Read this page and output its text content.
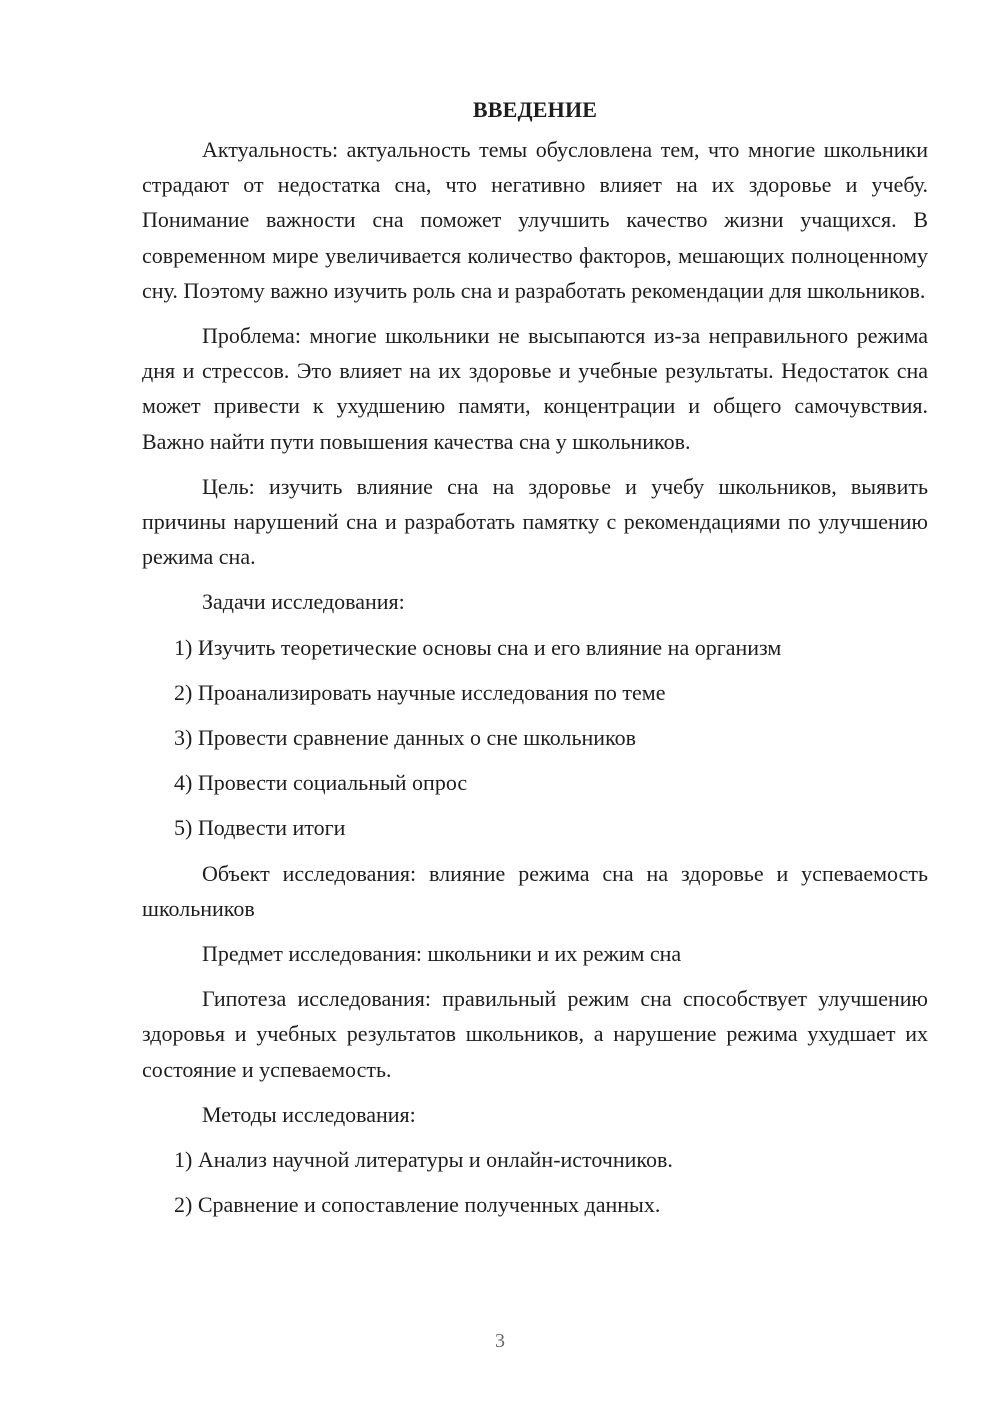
ВВЕДЕНИЕ

Актуальность: актуальность темы обусловлена тем, что многие школьники страдают от недостатка сна, что негативно влияет на их здоровье и учебу. Понимание важности сна поможет улучшить качество жизни учащихся. В современном мире увеличивается количество факторов, мешающих полноценному сну. Поэтому важно изучить роль сна и разработать рекомендации для школьников.

Проблема: многие школьники не высыпаются из-за неправильного режима дня и стрессов. Это влияет на их здоровье и учебные результаты. Недостаток сна может привести к ухудшению памяти, концентрации и общего самочувствия. Важно найти пути повышения качества сна у школьников.

Цель: изучить влияние сна на здоровье и учебу школьников, выявить причины нарушений сна и разработать памятку с рекомендациями по улучшению режима сна.

Задачи исследования:
1) Изучить теоретические основы сна и его влияние на организм
2) Проанализировать научные исследования по теме
3) Провести сравнение данных о сне школьников
4) Провести социальный опрос
5) Подвести итоги

Объект исследования: влияние режима сна на здоровье и успеваемость школьников

Предмет исследования: школьники и их режим сна

Гипотеза исследования: правильный режим сна способствует улучшению здоровья и учебных результатов школьников, а нарушение режима ухудшает их состояние и успеваемость.

Методы исследования:
1) Анализ научной литературы и онлайн-источников.
2) Сравнение и сопоставление полученных данных.
3
